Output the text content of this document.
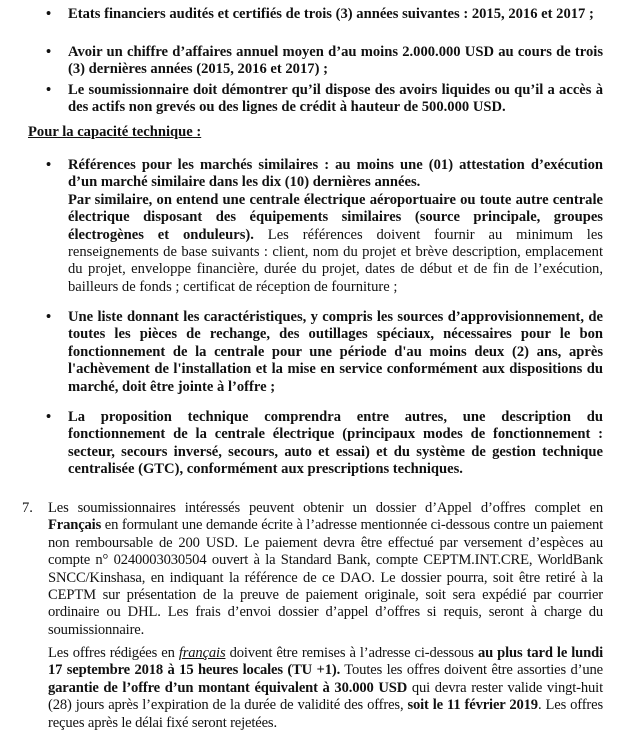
• Etats financiers audités et certifiés de trois (3) années suivantes : 2015, 2016 et 2017 ;
• Avoir un chiffre d’affaires annuel moyen d’au moins 2.000.000 USD au cours de trois (3) dernières années (2015, 2016 et 2017) ;
• Le soumissionnaire doit démontrer qu’il dispose des avoirs liquides ou qu’il a accès à des actifs non grevés ou des lignes de crédit à hauteur de 500.000 USD.
Pour la capacité technique :
• Références pour les marchés similaires : au moins une (01) attestation d’exécution d’un marché similaire dans les dix (10) dernières années.
Par similaire, on entend une centrale électrique aéroportuaire ou toute autre centrale électrique disposant des équipements similaires (source principale, groupes électrogènes et onduleurs). Les références doivent fournir au minimum les renseignements de base suivants : client, nom du projet et brève description, emplacement du projet, enveloppe financière, durée du projet, dates de début et de fin de l’exécution, bailleurs de fonds ; certificat de réception de fourniture ;
• Une liste donnant les caractéristiques, y compris les sources d’approvisionnement, de toutes les pièces de rechange, des outillages spéciaux, nécessaires pour le bon fonctionnement de la centrale pour une période d'au moins deux (2) ans, après l'achèvement de l'installation et la mise en service conformément aux dispositions du marché, doit être jointe à l’offre ;
• La proposition technique comprendra entre autres, une description du fonctionnement de la centrale électrique (principaux modes de fonctionnement : secteur, secours inversé, secours, auto et essai) et du système de gestion technique centralisée (GTC), conformément aux prescriptions techniques.
7. Les soumissionnaires intéressés peuvent obtenir un dossier d’Appel d’offres complet en Français en formulant une demande écrite à l’adresse mentionnée ci-dessous contre un paiement non remboursable de 200 USD. Le paiement devra être effectué par versement d’espèces au compte n° 0240003030504 ouvert à la Standard Bank, compte CEPTM.INT.CRE, WorldBank SNCC/Kinshasa, en indiquant la référence de ce DAO. Le dossier pourra, soit être retiré à la CEPTM sur présentation de la preuve de paiement originale, soit sera expédié par courrier ordinaire ou DHL. Les frais d’envoi dossier d’appel d’offres si requis, seront à charge du soumissionnaire.
Les offres rédigées en français doivent être remises à l’adresse ci-dessous au plus tard le lundi 17 septembre 2018 à 15 heures locales (TU +1). Toutes les offres doivent être assorties d’une garantie de l’offre d’un montant équivalent à 30.000 USD qui devra rester valide vingt-huit (28) jours après l’expiration de la durée de validité des offres, soit le 11 février 2019. Les offres reçues après le délai fixé seront rejetées.
